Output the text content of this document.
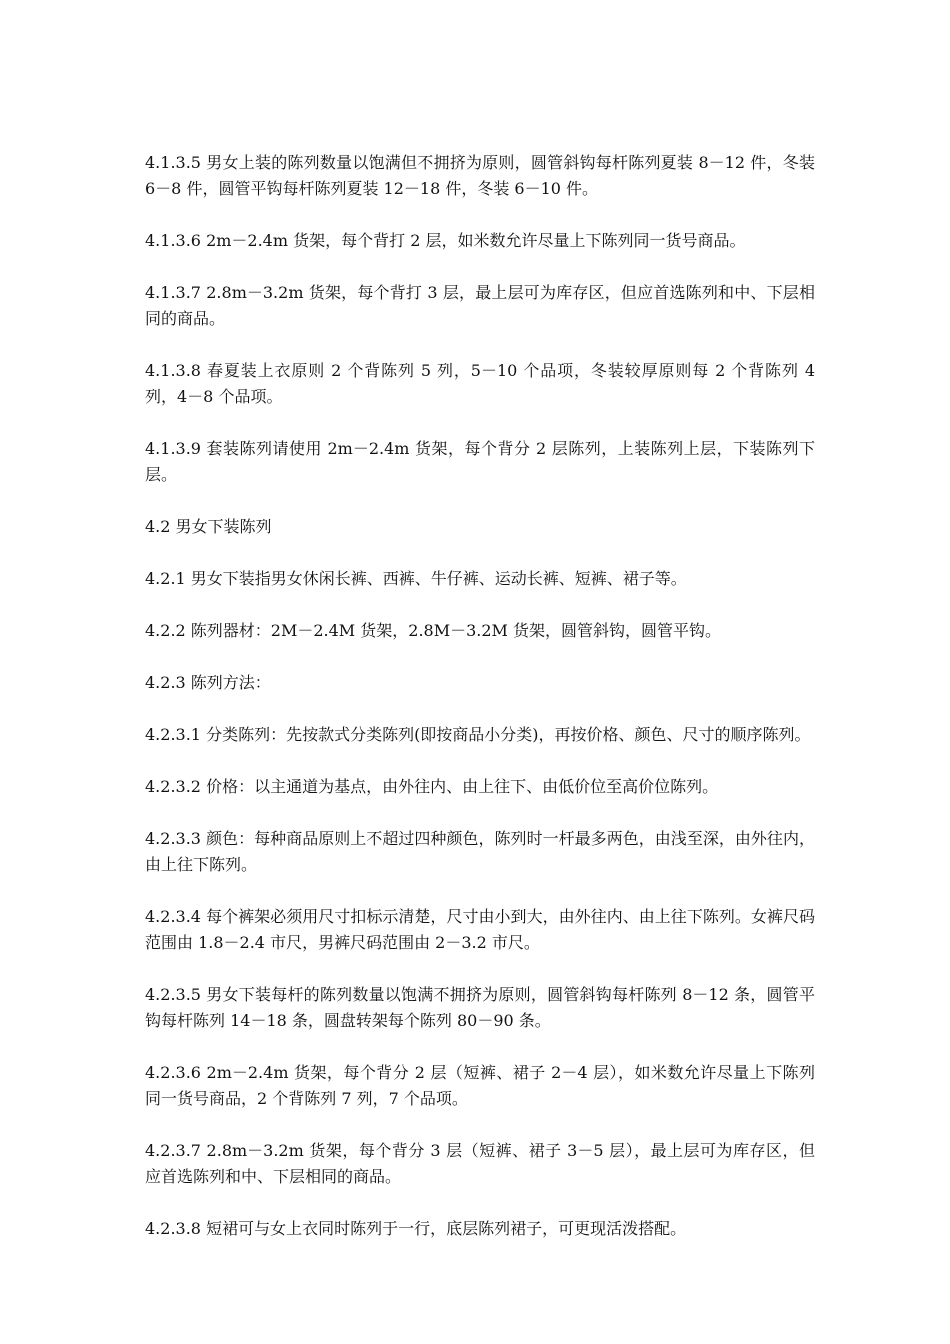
4.1.3.5 男女上装的陈列数量以饱满但不拥挤为原则，圆管斜钩每杆陈列夏装 8－12 件，冬装 6－8 件，圆管平钩每杆陈列夏装 12－18 件，冬装 6－10 件。

4.1.3.6 2m－2.4m 货架，每个背打 2 层，如米数允许尽量上下陈列同一货号商品。

4.1.3.7 2.8m－3.2m 货架，每个背打 3 层，最上层可为库存区，但应首选陈列和中、下层相同的商品。

4.1.3.8 春夏装上衣原则 2 个背陈列 5 列，5－10 个品项，冬装较厚原则每 2 个背陈列 4 列，4－8 个品项。

4.1.3.9 套装陈列请使用 2m－2.4m 货架，每个背分 2 层陈列，上装陈列上层，下装陈列下层。

4.2 男女下装陈列

4.2.1 男女下装指男女休闲长裤、西裤、牛仔裤、运动长裤、短裤、裙子等。

4.2.2 陈列器材：2M－2.4M 货架，2.8M－3.2M 货架，圆管斜钩，圆管平钩。

4.2.3 陈列方法：

4.2.3.1 分类陈列：先按款式分类陈列(即按商品小分类)，再按价格、颜色、尺寸的顺序陈列。

4.2.3.2 价格：以主通道为基点，由外往内、由上往下、由低价位至高价位陈列。

4.2.3.3 颜色：每种商品原则上不超过四种颜色，陈列时一杆最多两色，由浅至深，由外往内，由上往下陈列。

4.2.3.4 每个裤架必须用尺寸扣标示清楚，尺寸由小到大，由外往内、由上往下陈列。女裤尺码范围由 1.8－2.4 市尺，男裤尺码范围由 2－3.2 市尺。

4.2.3.5 男女下装每杆的陈列数量以饱满不拥挤为原则，圆管斜钩每杆陈列 8－12 条，圆管平钩每杆陈列 14－18 条，圆盘转架每个陈列 80－90 条。

4.2.3.6 2m－2.4m 货架，每个背分 2 层（短裤、裙子 2－4 层），如米数允许尽量上下陈列同一货号商品，2 个背陈列 7 列，7 个品项。

4.2.3.7 2.8m－3.2m 货架，每个背分 3 层（短裤、裙子 3－5 层），最上层可为库存区，但应首选陈列和中、下层相同的商品。

4.2.3.8 短裙可与女上衣同时陈列于一行，底层陈列裙子，可更现活泼搭配。
